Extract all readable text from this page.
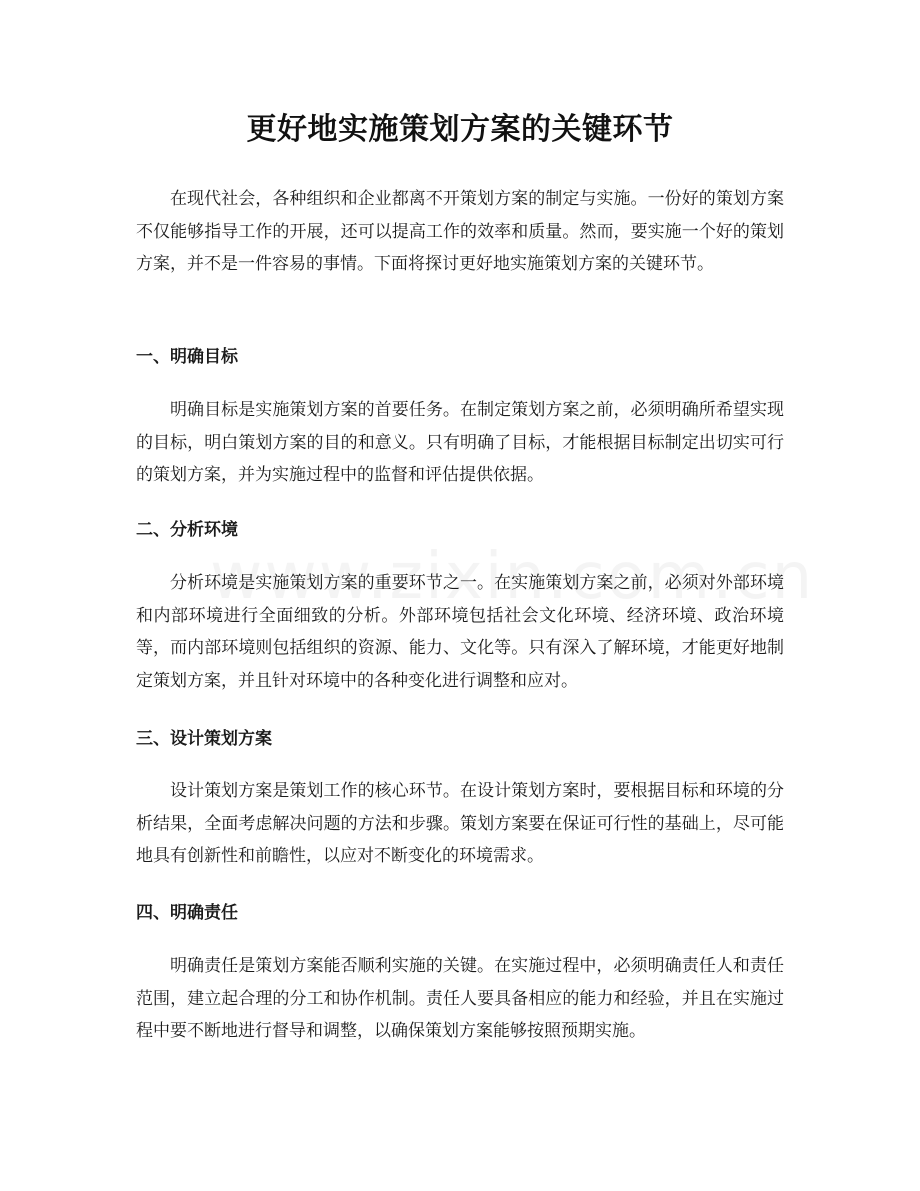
更好地实施策划方案的关键环节

在现代社会，各种组织和企业都离不开策划方案的制定与实施。一份好的策划方案不仅能够指导工作的开展，还可以提高工作的效率和质量。然而，要实施一个好的策划方案，并不是一件容易的事情。下面将探讨更好地实施策划方案的关键环节。

一、明确目标

明确目标是实施策划方案的首要任务。在制定策划方案之前，必须明确所希望实现的目标，明白策划方案的目的和意义。只有明确了目标，才能根据目标制定出切实可行的策划方案，并为实施过程中的监督和评估提供依据。

二、分析环境

分析环境是实施策划方案的重要环节之一。在实施策划方案之前，必须对外部环境和内部环境进行全面细致的分析。外部环境包括社会文化环境、经济环境、政治环境等，而内部环境则包括组织的资源、能力、文化等。只有深入了解环境，才能更好地制定策划方案，并且针对环境中的各种变化进行调整和应对。

三、设计策划方案

设计策划方案是策划工作的核心环节。在设计策划方案时，要根据目标和环境的分析结果，全面考虑解决问题的方法和步骤。策划方案要在保证可行性的基础上，尽可能地具有创新性和前瞻性，以应对不断变化的环境需求。

四、明确责任

明确责任是策划方案能否顺利实施的关键。在实施过程中，必须明确责任人和责任范围，建立起合理的分工和协作机制。责任人要具备相应的能力和经验，并且在实施过程中要不断地进行督导和调整，以确保策划方案能够按照预期实施。
